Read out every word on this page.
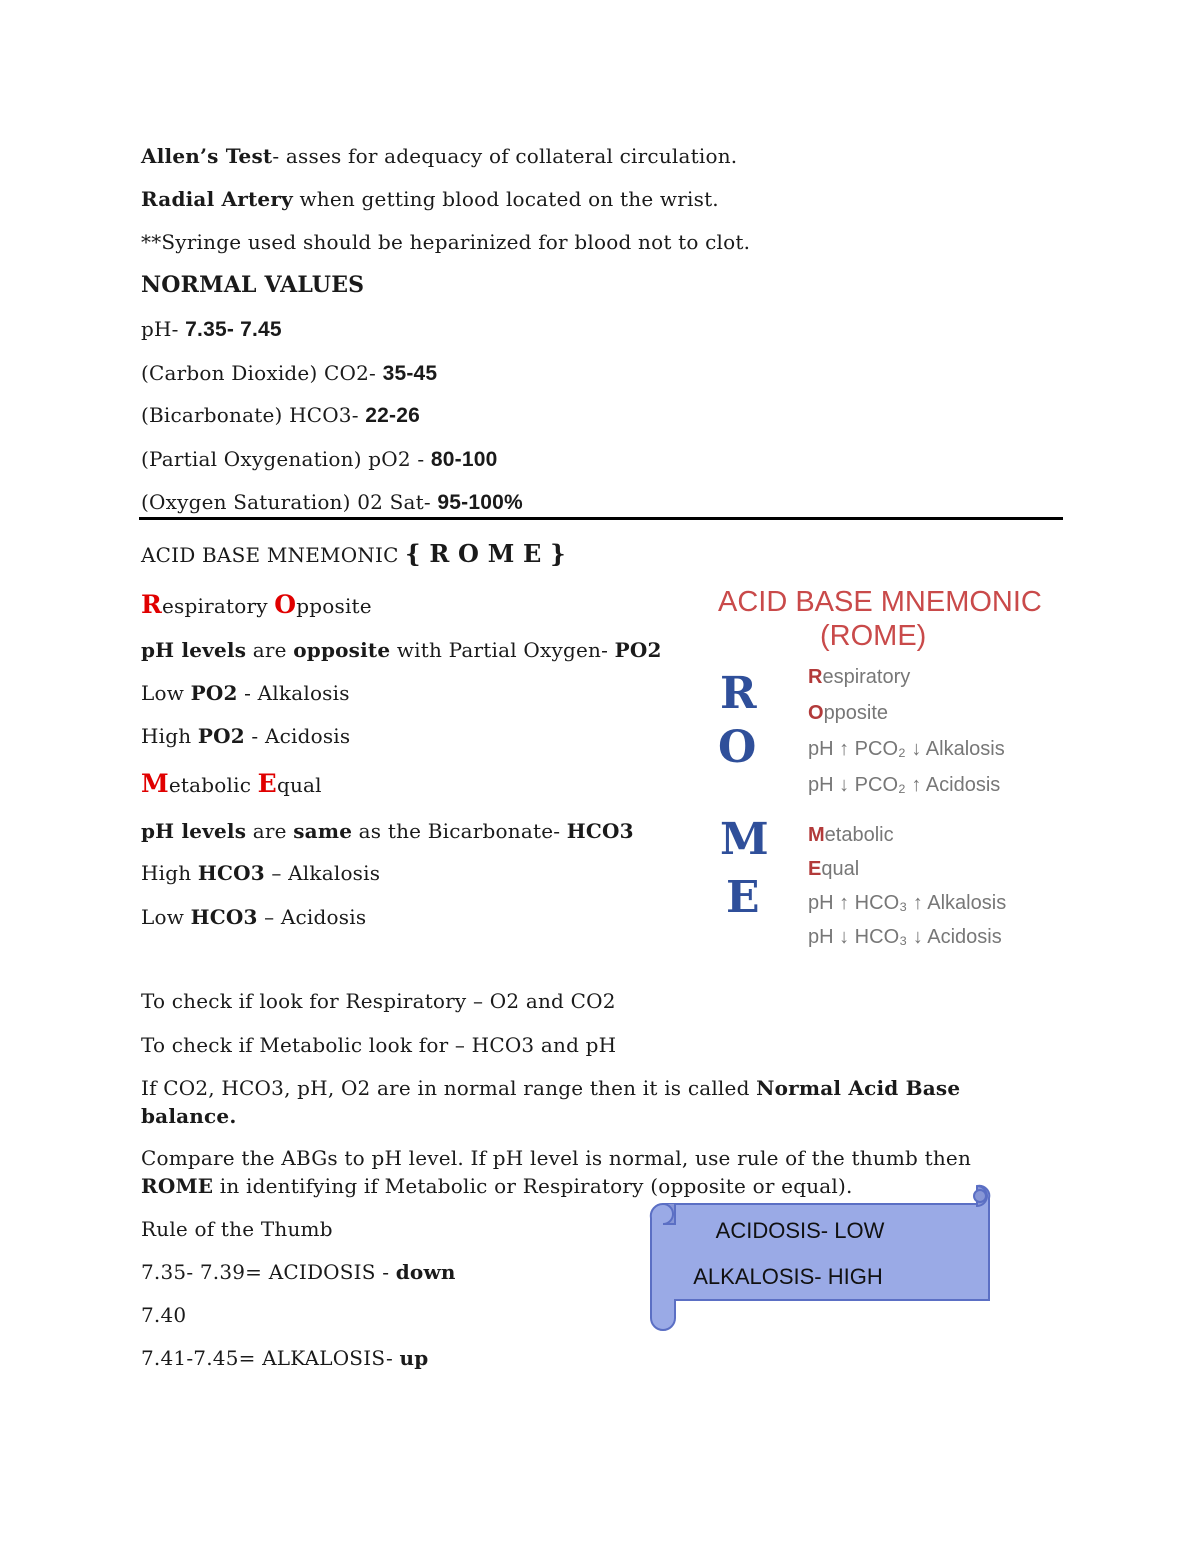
Allen’s Test- asses for adequacy of collateral circulation.
Radial Artery when getting blood located on the wrist.
**Syringe used should be heparinized for blood not to clot.
NORMAL VALUES
pH- 7.35- 7.45
(Carbon Dioxide) CO2- 35-45
(Bicarbonate) HCO3- 22-26
(Partial Oxygenation) pO2 - 80-100
(Oxygen Saturation) 02 Sat- 95-100%
ACID BASE MNEMONIC { R O M E }
Respiratory Opposite
pH levels are opposite with Partial Oxygen- PO2
Low PO2 - Alkalosis
High PO2 - Acidosis
Metabolic Equal
pH levels are same as the Bicarbonate- HCO3
High HCO3 – Alkalosis
Low HCO3 – Acidosis
ACID BASE MNEMONIC
(ROME)
R
O
M
E
Respiratory
Opposite
pH ↑ PCO₂ ↓ Alkalosis
pH ↓ PCO₂ ↑ Acidosis
Metabolic
Equal
pH ↑ HCO₃ ↑ Alkalosis
pH ↓ HCO₃ ↓ Acidosis
To check if look for Respiratory – O2 and CO2
To check if Metabolic look for – HCO3 and pH
If CO2, HCO3, pH, O2 are in normal range then it is called Normal Acid Base
balance.
Compare the ABGs to pH level. If pH level is normal, use rule of the thumb then
ROME in identifying if Metabolic or Respiratory (opposite or equal).
Rule of the Thumb
7.35- 7.39= ACIDOSIS - down
7.40
7.41-7.45= ALKALOSIS- up
ACIDOSIS- LOW
ALKALOSIS- HIGH
